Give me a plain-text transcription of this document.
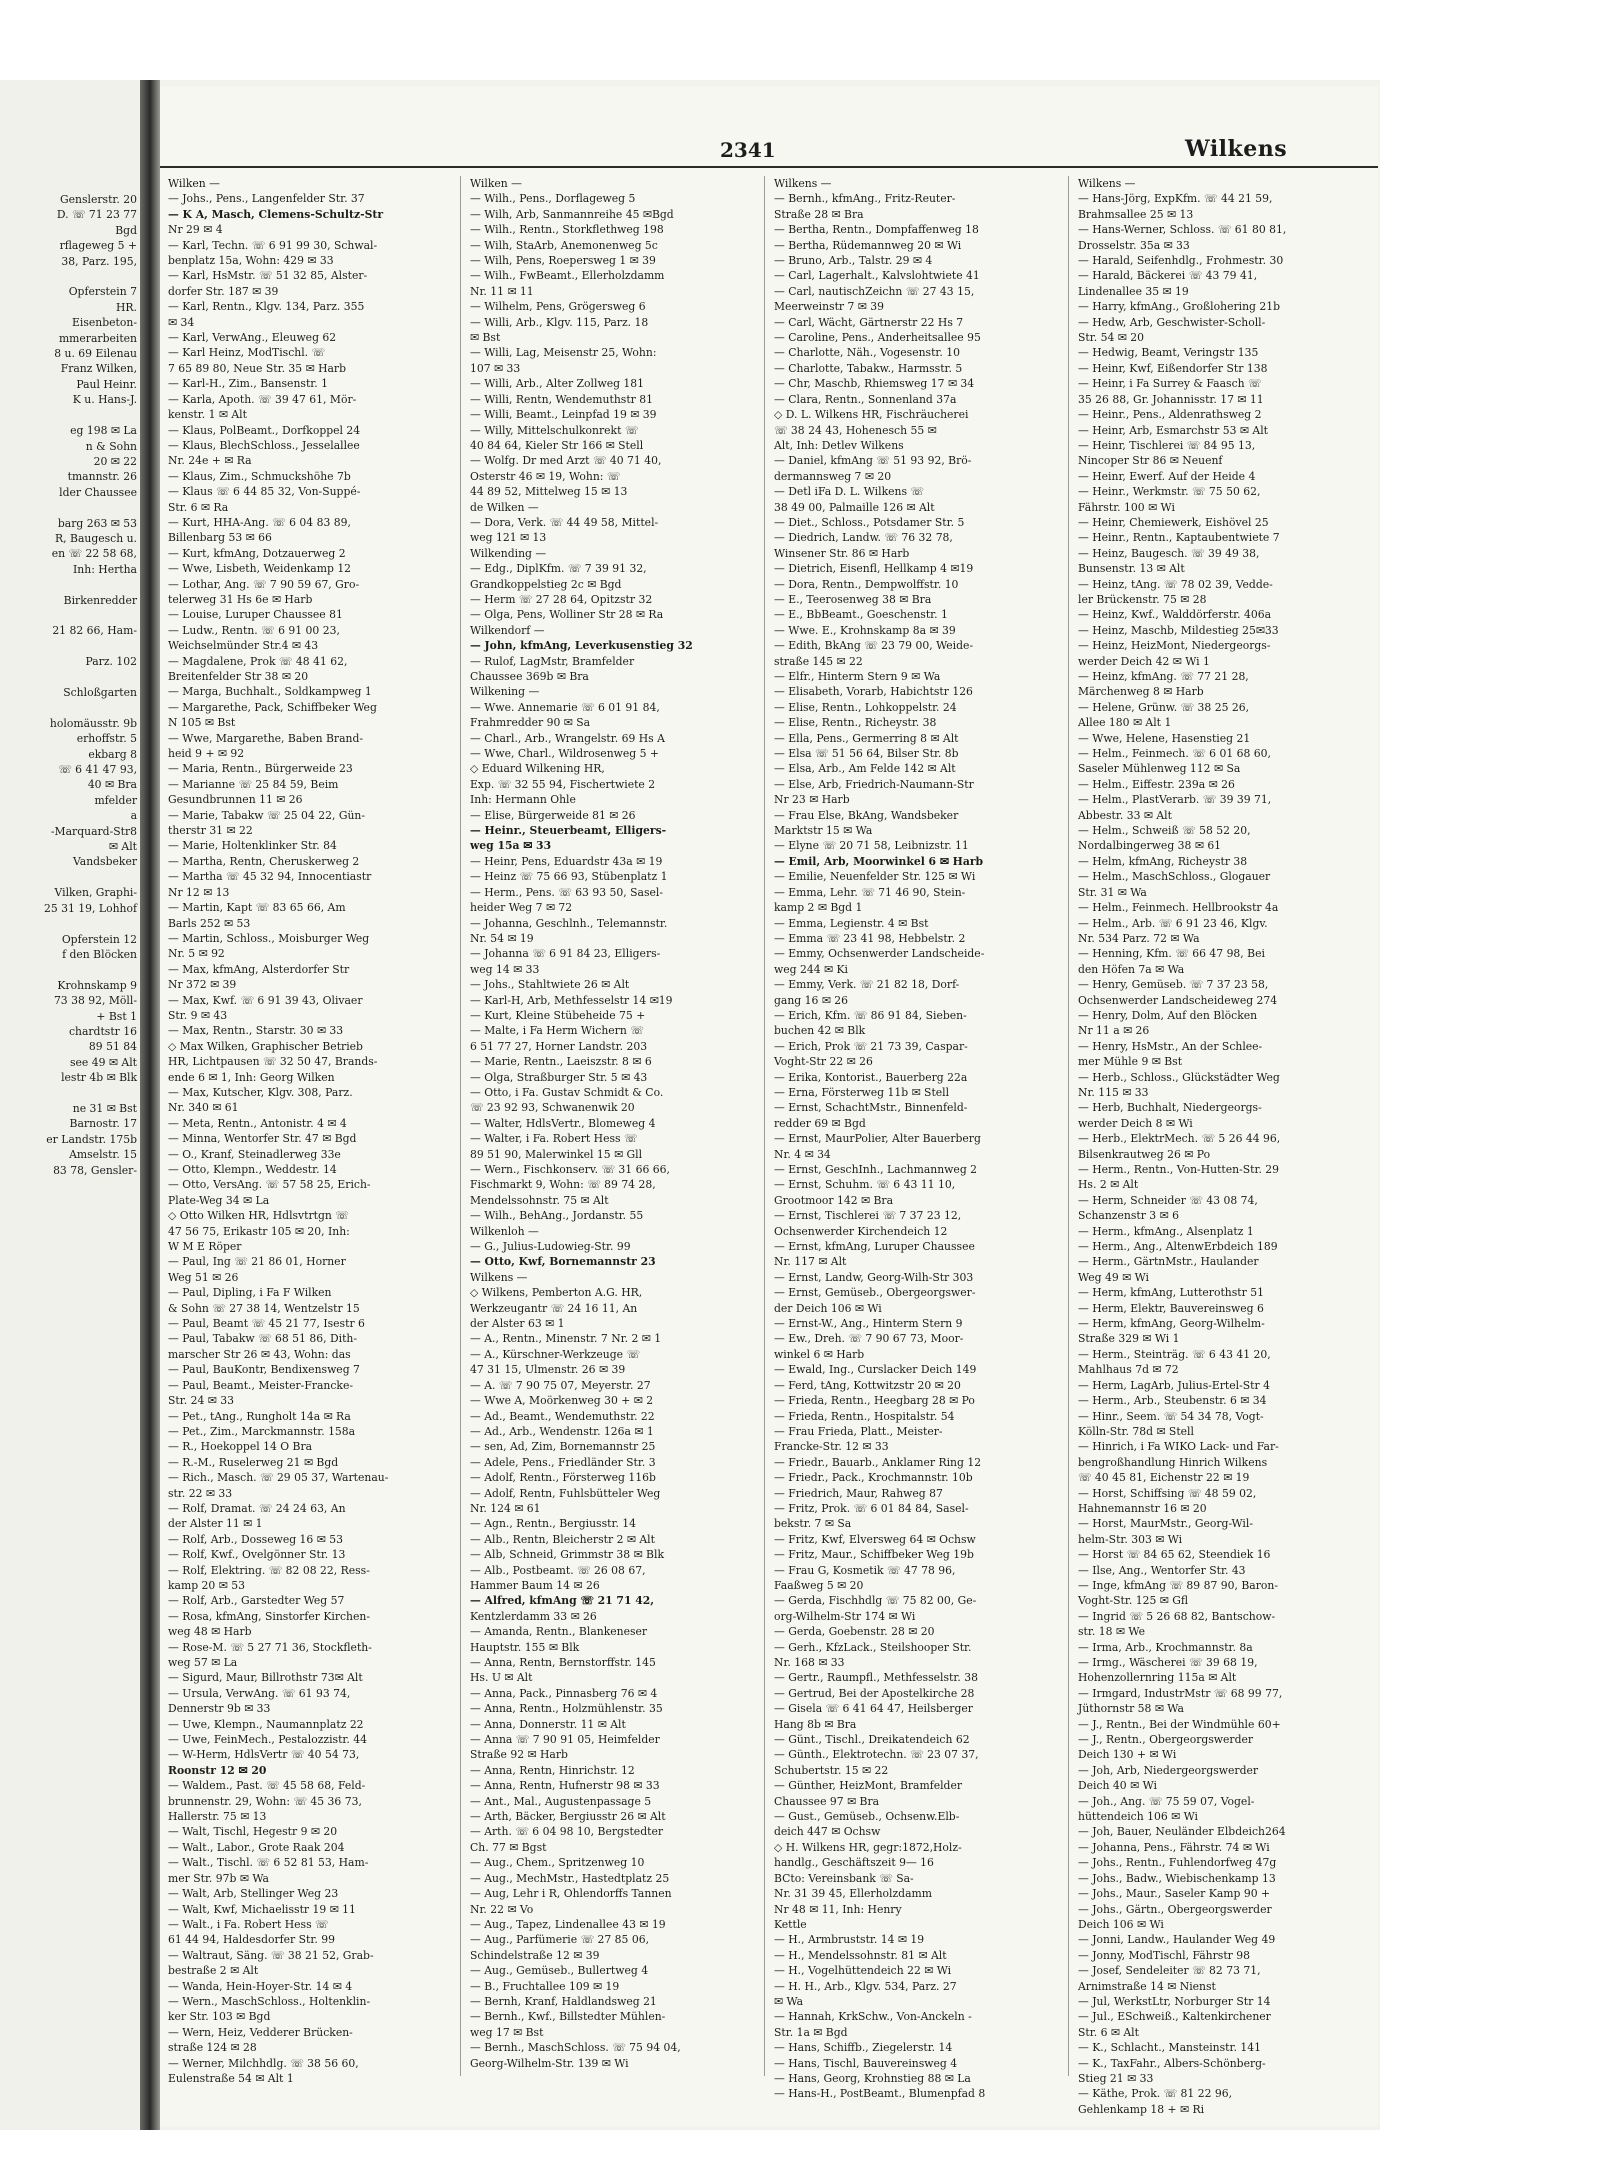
Genslerstr. 20
D. ☏ 71 23 77
Bgd
rflageweg 5 +
38, Parz. 195,

Opferstein 7
HR.
Eisenbeton-
mmerarbeiten
8 u. 69 Eilenau
Franz Wilken,
Paul Heinr.
K u. Hans-J.

eg 198 ✉ La
n & Sohn
20 ✉ 22
tmannstr. 26
lder Chaussee

barg 263 ✉ 53
R, Baugesch u.
en ☏ 22 58 68,
Inh: Hertha

Birkenredder

21 82 66, Ham-

Parz. 102

Schloßgarten

holomäusstr. 9b
erhoffstr. 5
ekbarg 8
☏ 6 41 47 93,
40 ✉ Bra
mfelder
a
-Marquard-Str8
✉ Alt
Vandsbeker

Vilken, Graphi-
25 31 19, Lohhof

Opferstein 12
f den Blöcken

Krohnskamp 9
73 38 92, Möll-
+ Bst 1
chardtstr 16
89 51 84
see 49 ✉ Alt
lestr 4b ✉ Blk

ne 31 ✉ Bst
Barnostr. 17
er Landstr. 175b
Amselstr. 15
83 78, Gensler-
2341	Wilkens
Wilken —
— Johs., Pens., Langenfelder Str. 37
— K A, Masch, Clemens-Schultz-Str
Nr 29 ✉ 4
— Karl, Techn. ☏ 6 91 99 30, Schwal-
benplatz 15a, Wohn: 429 ✉ 33
— Karl, HsMstr. ☏ 51 32 85, Alster-
dorfer Str. 187 ✉ 39
— Karl, Rentn., Klgv. 134, Parz. 355
✉ 34
— Karl, VerwAng., Eleuweg 62
— Karl Heinz, ModTischl. ☏
7 65 89 80, Neue Str. 35 ✉ Harb
— Karl-H., Zim., Bansenstr. 1
— Karla, Apoth. ☏ 39 47 61, Mör-
kenstr. 1 ✉ Alt
— Klaus, PolBeamt., Dorfkoppel 24
— Klaus, BlechSchloss., Jesselallee
Nr. 24e + ✉ Ra
— Klaus, Zim., Schmuckshöhe 7b
— Klaus ☏ 6 44 85 32, Von-Suppé-
Str. 6 ✉ Ra
— Kurt, HHA-Ang. ☏ 6 04 83 89,
Billenbarg 53 ✉ 66
— Kurt, kfmAng, Dotzauerweg 2
— Wwe, Lisbeth, Weidenkamp 12
— Lothar, Ang. ☏ 7 90 59 67, Gro-
telerweg 31 Hs 6e ✉ Harb
— Louise, Luruper Chaussee 81
— Ludw., Rentn. ☏ 6 91 00 23,
Weichselmünder Str.4 ✉ 43
— Magdalene, Prok ☏ 48 41 62,
Breitenfelder Str 38 ✉ 20
— Marga, Buchhalt., Soldkampweg 1
— Margarethe, Pack, Schiffbeker Weg
N 105 ✉ Bst
— Wwe, Margarethe, Baben Brand-
heid 9 + ✉ 92
— Maria, Rentn., Bürgerweide 23
— Marianne ☏ 25 84 59, Beim
Gesundbrunnen 11 ✉ 26
— Marie, Tabakw ☏ 25 04 22, Gün-
therstr 31 ✉ 22
— Marie, Holtenklinker Str. 84
— Martha, Rentn, Cheruskerweg 2
— Martha ☏ 45 32 94, Innocentiastr
Nr 12 ✉ 13
— Martin, Kapt ☏ 83 65 66, Am
Barls 252 ✉ 53
— Martin, Schloss., Moisburger Weg
Nr. 5 ✉ 92
— Max, kfmAng, Alsterdorfer Str
Nr 372 ✉ 39
— Max, Kwf. ☏ 6 91 39 43, Olivaer
Str. 9 ✉ 43
— Max, Rentn., Starstr. 30 ✉ 33
◇ Max Wilken, Graphischer Betrieb
HR, Lichtpausen ☏ 32 50 47, Brands-
ende 6 ✉ 1, Inh: Georg Wilken
— Max, Kutscher, Klgv. 308, Parz.
Nr. 340 ✉ 61
— Meta, Rentn., Antonistr. 4 ✉ 4
— Minna, Wentorfer Str. 47 ✉ Bgd
— O., Kranf, Steinadlerweg 33e
— Otto, Klempn., Weddestr. 14
— Otto, VersAng. ☏ 57 58 25, Erich-
Plate-Weg 34 ✉ La
◇ Otto Wilken HR, Hdlsvtrtgn ☏
47 56 75, Erikastr 105 ✉ 20, Inh:
W M E Röper
— Paul, Ing ☏ 21 86 01, Horner
Weg 51 ✉ 26
— Paul, Dipling, i Fa F Wilken
& Sohn ☏ 27 38 14, Wentzelstr 15
— Paul, Beamt ☏ 45 21 77, Isestr 6
— Paul, Tabakw ☏ 68 51 86, Dith-
marscher Str 26 ✉ 43, Wohn: das
— Paul, BauKontr, Bendixensweg 7
— Paul, Beamt., Meister-Francke-
Str. 24 ✉ 33
— Pet., tAng., Rungholt 14a ✉ Ra
— Pet., Zim., Marckmannstr. 158a
— R., Hoekoppel 14 O Bra
— R.-M., Ruselerweg 21 ✉ Bgd
— Rich., Masch. ☏ 29 05 37, Wartenau-
str. 22 ✉ 33
— Rolf, Dramat. ☏ 24 24 63, An
der Alster 11 ✉ 1
— Rolf, Arb., Dosseweg 16 ✉ 53
— Rolf, Kwf., Ovelgönner Str. 13
— Rolf, Elektring. ☏ 82 08 22, Ress-
kamp 20 ✉ 53
— Rolf, Arb., Garstedter Weg 57
— Rosa, kfmAng, Sinstorfer Kirchen-
weg 48 ✉ Harb
— Rose-M. ☏ 5 27 71 36, Stockfleth-
weg 57 ✉ La
— Sigurd, Maur, Billrothstr 73✉ Alt
— Ursula, VerwAng. ☏ 61 93 74,
Dennerstr 9b ✉ 33
— Uwe, Klempn., Naumannplatz 22
— Uwe, FeinMech., Pestalozzistr. 44
— W-Herm, HdlsVertr ☏ 40 54 73,
Roonstr 12 ✉ 20
— Waldem., Past. ☏ 45 58 68, Feld-
brunnenstr. 29, Wohn: ☏ 45 36 73,
Hallerstr. 75 ✉ 13
— Walt, Tischl, Hegestr 9 ✉ 20
— Walt., Labor., Grote Raak 204
— Walt., Tischl. ☏ 6 52 81 53, Ham-
mer Str. 97b ✉ Wa
— Walt, Arb, Stellinger Weg 23
— Walt, Kwf, Michaelisstr 19 ✉ 11
— Walt., i Fa. Robert Hess ☏
61 44 94, Haldesdorfer Str. 99
— Waltraut, Säng. ☏ 38 21 52, Grab-
bestraße 2 ✉ Alt
— Wanda, Hein-Hoyer-Str. 14 ✉ 4
— Wern., MaschSchloss., Holtenklin-
ker Str. 103 ✉ Bgd
— Wern, Heiz, Vedderer Brücken-
straße 124 ✉ 28
— Werner, Milchhdlg. ☏ 38 56 60,
Eulenstraße 54 ✉ Alt 1
Wilken —
— Wilh., Pens., Dorflageweg 5
— Wilh, Arb, Sanmannreihe 45 ✉Bgd
— Wilh., Rentn., Storkflethweg 198
— Wilh, StaArb, Anemonenweg 5c
— Wilh, Pens, Roepersweg 1 ✉ 39
— Wilh., FwBeamt., Ellerholzdamm
Nr. 11 ✉ 11
— Wilhelm, Pens, Grögersweg 6
— Willi, Arb., Klgv. 115, Parz. 18
✉ Bst
— Willi, Lag, Meisenstr 25, Wohn:
107 ✉ 33
— Willi, Arb., Alter Zollweg 181
— Willi, Rentn, Wendemuthstr 81
— Willi, Beamt., Leinpfad 19 ✉ 39
— Willy, Mittelschulkonrekt ☏
40 84 64, Kieler Str 166 ✉ Stell
— Wolfg. Dr med Arzt ☏ 40 71 40,
Osterstr 46 ✉ 19, Wohn: ☏
44 89 52, Mittelweg 15 ✉ 13
de Wilken —
— Dora, Verk. ☏ 44 49 58, Mittel-
weg 121 ✉ 13
Wilkending —
— Edg., DiplKfm. ☏ 7 39 91 32,
Grandkoppelstieg 2c ✉ Bgd
— Herm ☏ 27 28 64, Opitzstr 32
— Olga, Pens, Wolliner Str 28 ✉ Ra
Wilkendorf —
— John, kfmAng, Leverkusenstieg 32
— Rulof, LagMstr, Bramfelder
Chaussee 369b ✉ Bra
Wilkening —
— Wwe. Annemarie ☏ 6 01 91 84,
Frahmredder 90 ✉ Sa
— Charl., Arb., Wrangelstr. 69 Hs A
— Wwe, Charl., Wildrosenweg 5 +
◇ Eduard Wilkening HR,
Exp. ☏ 32 55 94, Fischertwiete 2
Inh: Hermann Ohle
— Elise, Bürgerweide 81 ✉ 26
— Heinr., Steuerbeamt, Elligers-
weg 15a ✉ 33
— Heinr, Pens, Eduardstr 43a ✉ 19
— Heinz ☏ 75 66 93, Stübenplatz 1
— Herm., Pens. ☏ 63 93 50, Sasel-
heider Weg 7 ✉ 72
— Johanna, Geschlnh., Telemannstr.
Nr. 54 ✉ 19
— Johanna ☏ 6 91 84 23, Elligers-
weg 14 ✉ 33
— Johs., Stahltwiete 26 ✉ Alt
— Karl-H, Arb, Methfesselstr 14 ✉19
— Kurt, Kleine Stübeheide 75 +
— Malte, i Fa Herm Wichern ☏
6 51 77 27, Horner Landstr. 203
— Marie, Rentn., Laeiszstr. 8 ✉ 6
— Olga, Straßburger Str. 5 ✉ 43
— Otto, i Fa. Gustav Schmidt & Co.
☏ 23 92 93, Schwanenwik 20
— Walter, HdlsVertr., Blomeweg 4
— Walter, i Fa. Robert Hess ☏
89 51 90, Malerwinkel 15 ✉ Gll
— Wern., Fischkonserv. ☏ 31 66 66,
Fischmarkt 9, Wohn: ☏ 89 74 28,
Mendelssohnstr. 75 ✉ Alt
— Wilh., BehAng., Jordanstr. 55
Wilkenloh —
— G., Julius-Ludowieg-Str. 99
— Otto, Kwf, Bornemannstr 23
Wilkens —
◇ Wilkens, Pemberton A.G. HR,
Werkzeugantr ☏ 24 16 11, An
der Alster 63 ✉ 1
— A., Rentn., Minenstr. 7 Nr. 2 ✉ 1
— A., Kürschner-Werkzeuge ☏
47 31 15, Ulmenstr. 26 ✉ 39
— A. ☏ 7 90 75 07, Meyerstr. 27
— Wwe A, Moörkenweg 30 + ✉ 2
— Ad., Beamt., Wendemuthstr. 22
— Ad., Arb., Wendenstr. 126a ✉ 1
— sen, Ad, Zim, Bornemannstr 25
— Adele, Pens., Friedländer Str. 3
— Adolf, Rentn., Försterweg 116b
— Adolf, Rentn, Fuhlsbütteler Weg
Nr. 124 ✉ 61
— Agn., Rentn., Bergiusstr. 14
— Alb., Rentn, Bleicherstr 2 ✉ Alt
— Alb, Schneid, Grimmstr 38 ✉ Blk
— Alb., Postbeamt. ☏ 26 08 67,
Hammer Baum 14 ✉ 26
— Alfred, kfmAng ☏ 21 71 42,
Kentzlerdamm 33 ✉ 26
— Amanda, Rentn., Blankeneser
Hauptstr. 155 ✉ Blk
— Anna, Rentn, Bernstorffstr. 145
Hs. U ✉ Alt
— Anna, Pack., Pinnasberg 76 ✉ 4
— Anna, Rentn., Holzmühlenstr. 35
— Anna, Donnerstr. 11 ✉ Alt
— Anna ☏ 7 90 91 05, Heimfelder
Straße 92 ✉ Harb
— Anna, Rentn, Hinrichstr. 12
— Anna, Rentn, Hufnerstr 98 ✉ 33
— Ant., Mal., Augustenpassage 5
— Arth, Bäcker, Bergiusstr 26 ✉ Alt
— Arth. ☏ 6 04 98 10, Bergstedter
Ch. 77 ✉ Bgst
— Aug., Chem., Spritzenweg 10
— Aug., MechMstr., Hastedtplatz 25
— Aug, Lehr i R, Ohlendorffs Tannen
Nr. 22 ✉ Vo
— Aug., Tapez, Lindenallee 43 ✉ 19
— Aug., Parfümerie ☏ 27 85 06,
Schindelstraße 12 ✉ 39
— Aug., Gemüseb., Bullertweg 4
— B., Fruchtallee 109 ✉ 19
— Bernh, Kranf, Haldlandsweg 21
— Bernh., Kwf., Billstedter Mühlen-
weg 17 ✉ Bst
— Bernh., MaschSchloss. ☏ 75 94 04,
Georg-Wilhelm-Str. 139 ✉ Wi
Wilkens —
— Bernh., kfmAng., Fritz-Reuter-
Straße 28 ✉ Bra
— Bertha, Rentn., Dompfaffenweg 18
— Bertha, Rüdemannweg 20 ✉ Wi
— Bruno, Arb., Talstr. 29 ✉ 4
— Carl, Lagerhalt., Kalvslohtwiete 41
— Carl, nautischZeichn ☏ 27 43 15,
Meerweinstr 7 ✉ 39
— Carl, Wächt, Gärtnerstr 22 Hs 7
— Caroline, Pens., Anderheitsallee 95
— Charlotte, Näh., Vogesenstr. 10
— Charlotte, Tabakw., Harmsstr. 5
— Chr, Maschb, Rhiemsweg 17 ✉ 34
— Clara, Rentn., Sonnenland 37a
◇ D. L. Wilkens HR, Fischräucherei
☏ 38 24 43, Hohenesch 55 ✉
Alt, Inh: Detlev Wilkens
— Daniel, kfmAng ☏ 51 93 92, Brö-
dermannsweg 7 ✉ 20
— Detl iFa D. L. Wilkens ☏
38 49 00, Palmaille 126 ✉ Alt
— Diet., Schloss., Potsdamer Str. 5
— Diedrich, Landw. ☏ 76 32 78,
Winsener Str. 86 ✉ Harb
— Dietrich, Eisenfl, Hellkamp 4 ✉19
— Dora, Rentn., Dempwolffstr. 10
— E., Teerosenweg 38 ✉ Bra
— E., BbBeamt., Goeschenstr. 1
— Wwe. E., Krohnskamp 8a ✉ 39
— Edith, BkAng ☏ 23 79 00, Weide-
straße 145 ✉ 22
— Elfr., Hinterm Stern 9 ✉ Wa
— Elisabeth, Vorarb, Habichtstr 126
— Elise, Rentn., Lohkoppelstr. 24
— Elise, Rentn., Richeystr. 38
— Ella, Pens., Germerring 8 ✉ Alt
— Elsa ☏ 51 56 64, Bilser Str. 8b
— Elsa, Arb., Am Felde 142 ✉ Alt
— Else, Arb, Friedrich-Naumann-Str
Nr 23 ✉ Harb
— Frau Else, BkAng, Wandsbeker
Marktstr 15 ✉ Wa
— Elyne ☏ 20 71 58, Leibnizstr. 11
— Emil, Arb, Moorwinkel 6 ✉ Harb
— Emilie, Neuenfelder Str. 125 ✉ Wi
— Emma, Lehr. ☏ 71 46 90, Stein-
kamp 2 ✉ Bgd 1
— Emma, Legienstr. 4 ✉ Bst
— Emma ☏ 23 41 98, Hebbelstr. 2
— Emmy, Ochsenwerder Landscheide-
weg 244 ✉ Ki
— Emmy, Verk. ☏ 21 82 18, Dorf-
gang 16 ✉ 26
— Erich, Kfm. ☏ 86 91 84, Sieben-
buchen 42 ✉ Blk
— Erich, Prok ☏ 21 73 39, Caspar-
Voght-Str 22 ✉ 26
— Erika, Kontorist., Bauerberg 22a
— Erna, Försterweg 11b ✉ Stell
— Ernst, SchachtMstr., Binnenfeld-
redder 69 ✉ Bgd
— Ernst, MaurPolier, Alter Bauerberg
Nr. 4 ✉ 34
— Ernst, GeschInh., Lachmannweg 2
— Ernst, Schuhm. ☏ 6 43 11 10,
Grootmoor 142 ✉ Bra
— Ernst, Tischlerei ☏ 7 37 23 12,
Ochsenwerder Kirchendeich 12
— Ernst, kfmAng, Luruper Chaussee
Nr. 117 ✉ Alt
— Ernst, Landw, Georg-Wilh-Str 303
— Ernst, Gemüseb., Obergeorgswer-
der Deich 106 ✉ Wi
— Ernst-W., Ang., Hinterm Stern 9
— Ew., Dreh. ☏ 7 90 67 73, Moor-
winkel 6 ✉ Harb
— Ewald, Ing., Curslacker Deich 149
— Ferd, tAng, Kottwitzstr 20 ✉ 20
— Frieda, Rentn., Heegbarg 28 ✉ Po
— Frieda, Rentn., Hospitalstr. 54
— Frau Frieda, Platt., Meister-
Francke-Str. 12 ✉ 33
— Friedr., Bauarb., Anklamer Ring 12
— Friedr., Pack., Krochmannstr. 10b
— Friedrich, Maur, Rahweg 87
— Fritz, Prok. ☏ 6 01 84 84, Sasel-
bekstr. 7 ✉ Sa
— Fritz, Kwf, Elversweg 64 ✉ Ochsw
— Fritz, Maur., Schiffbeker Weg 19b
— Frau G, Kosmetik ☏ 47 78 96,
Faaßweg 5 ✉ 20
— Gerda, Fischhdlg ☏ 75 82 00, Ge-
org-Wilhelm-Str 174 ✉ Wi
— Gerda, Goebenstr. 28 ✉ 20
— Gerh., KfzLack., Steilshooper Str.
Nr. 168 ✉ 33
— Gertr., Raumpfl., Methfesselstr. 38
— Gertrud, Bei der Apostelkirche 28
— Gisela ☏ 6 41 64 47, Heilsberger
Hang 8b ✉ Bra
— Günt., Tischl., Dreikatendeich 62
— Günth., Elektrotechn. ☏ 23 07 37,
Schubertstr. 15 ✉ 22
— Günther, HeizMont, Bramfelder
Chaussee 97 ✉ Bra
— Gust., Gemüseb., Ochsenw.Elb-
deich 447 ✉ Ochsw
◇ H. Wilkens HR, gegr:1872,Holz-
handlg., Geschäftszeit 9— 16
BCto: Vereinsbank ☏ Sa-
Nr. 31 39 45, Ellerholzdamm
Nr 48 ✉ 11, Inh: Henry
Kettle
— H., Armbruststr. 14 ✉ 19
— H., Mendelssohnstr. 81 ✉ Alt
— H., Vogelhüttendeich 22 ✉ Wi
— H. H., Arb., Klgv. 534, Parz. 27
✉ Wa
— Hannah, KrkSchw., Von-Anckeln -
Str. 1a ✉ Bgd
— Hans, Schiffb., Ziegelerstr. 14
— Hans, Tischl, Bauvereinsweg 4
— Hans, Georg, Krohnstieg 88 ✉ La
— Hans-H., PostBeamt., Blumenpfad 8
Wilkens —
— Hans-Jörg, ExpKfm. ☏ 44 21 59,
Brahmsallee 25 ✉ 13
— Hans-Werner, Schloss. ☏ 61 80 81,
Drosselstr. 35a ✉ 33
— Harald, Seifenhdlg., Frohmestr. 30
— Harald, Bäckerei ☏ 43 79 41,
Lindenallee 35 ✉ 19
— Harry, kfmAng., Großlohering 21b
— Hedw, Arb, Geschwister-Scholl-
Str. 54 ✉ 20
— Hedwig, Beamt, Veringstr 135
— Heinr, Kwf, Eißendorfer Str 138
— Heinr, i Fa Surrey & Faasch ☏
35 26 88, Gr. Johannisstr. 17 ✉ 11
— Heinr., Pens., Aldenrathsweg 2
— Heinr, Arb, Esmarchstr 53 ✉ Alt
— Heinr, Tischlerei ☏ 84 95 13,
Nincoper Str 86 ✉ Neuenf
— Heinr, Ewerf. Auf der Heide 4
— Heinr., Werkmstr. ☏ 75 50 62,
Fährstr. 100 ✉ Wi
— Heinr, Chemiewerk, Eishövel 25
— Heinr., Rentn., Kaptaubentwiete 7
— Heinz, Baugesch. ☏ 39 49 38,
Bunsenstr. 13 ✉ Alt
— Heinz, tAng. ☏ 78 02 39, Vedde-
ler Brückenstr. 75 ✉ 28
— Heinz, Kwf., Walddörferstr. 406a
— Heinz, Maschb, Mildestieg 25✉33
— Heinz, HeizMont, Niedergeorgs-
werder Deich 42 ✉ Wi 1
— Heinz, kfmAng. ☏ 77 21 28,
Märchenweg 8 ✉ Harb
— Helene, Grünw. ☏ 38 25 26,
Allee 180 ✉ Alt 1
— Wwe, Helene, Hasenstieg 21
— Helm., Feinmech. ☏ 6 01 68 60,
Saseler Mühlenweg 112 ✉ Sa
— Helm., Eiffestr. 239a ✉ 26
— Helm., PlastVerarb. ☏ 39 39 71,
Abbestr. 33 ✉ Alt
— Helm., Schweiß ☏ 58 52 20,
Nordalbingerweg 38 ✉ 61
— Helm, kfmAng, Richeystr 38
— Helm., MaschSchloss., Glogauer
Str. 31 ✉ Wa
— Helm., Feinmech. Hellbrookstr 4a
— Helm., Arb. ☏ 6 91 23 46, Klgv.
Nr. 534 Parz. 72 ✉ Wa
— Henning, Kfm. ☏ 66 47 98, Bei
den Höfen 7a ✉ Wa
— Henry, Gemüseb. ☏ 7 37 23 58,
Ochsenwerder Landscheideweg 274
— Henry, Dolm, Auf den Blöcken
Nr 11 a ✉ 26
— Henry, HsMstr., An der Schlee-
mer Mühle 9 ✉ Bst
— Herb., Schloss., Glückstädter Weg
Nr. 115 ✉ 33
— Herb, Buchhalt, Niedergeorgs-
werder Deich 8 ✉ Wi
— Herb., ElektrMech. ☏ 5 26 44 96,
Bilsenkrautweg 26 ✉ Po
— Herm., Rentn., Von-Hutten-Str. 29
Hs. 2 ✉ Alt
— Herm, Schneider ☏ 43 08 74,
Schanzenstr 3 ✉ 6
— Herm., kfmAng., Alsenplatz 1
— Herm., Ang., AltenwErbdeich 189
— Herm., GärtnMstr., Haulander
Weg 49 ✉ Wi
— Herm, kfmAng, Lutterothstr 51
— Herm, Elektr, Bauvereinsweg 6
— Herm, kfmAng, Georg-Wilhelm-
Straße 329 ✉ Wi 1
— Herm., Steinträg. ☏ 6 43 41 20,
Mahlhaus 7d ✉ 72
— Herm, LagArb, Julius-Ertel-Str 4
— Herm., Arb., Steubenstr. 6 ✉ 34
— Hinr., Seem. ☏ 54 34 78, Vogt-
Kölln-Str. 78d ✉ Stell
— Hinrich, i Fa WIKO Lack- und Far-
bengroßhandlung Hinrich Wilkens
☏ 40 45 81, Eichenstr 22 ✉ 19
— Horst, Schiffsing ☏ 48 59 02,
Hahnemannstr 16 ✉ 20
— Horst, MaurMstr., Georg-Wil-
helm-Str. 303 ✉ Wi
— Horst ☏ 84 65 62, Steendiek 16
— Ilse, Ang., Wentorfer Str. 43
— Inge, kfmAng ☏ 89 87 90, Baron-
Voght-Str. 125 ✉ Gfl
— Ingrid ☏ 5 26 68 82, Bantschow-
str. 18 ✉ We
— Irma, Arb., Krochmannstr. 8a
— Irmg., Wäscherei ☏ 39 68 19,
Hohenzollernring 115a ✉ Alt
— Irmgard, IndustrMstr ☏ 68 99 77,
Jüthornstr 58 ✉ Wa
— J., Rentn., Bei der Windmühle 60+
— J., Rentn., Obergeorgswerder
Deich 130 + ✉ Wi
— Joh, Arb, Niedergeorgswerder
Deich 40 ✉ Wi
— Joh., Ang. ☏ 75 59 07, Vogel-
hüttendeich 106 ✉ Wi
— Joh, Bauer, Neuländer Elbdeich264
— Johanna, Pens., Fährstr. 74 ✉ Wi
— Johs., Rentn., Fuhlendorfweg 47g
— Johs., Badw., Wiebischenkamp 13
— Johs., Maur., Saseler Kamp 90 +
— Johs., Gärtn., Obergeorgswerder
Deich 106 ✉ Wi
— Jonni, Landw., Haulander Weg 49
— Jonny, ModTischl, Fährstr 98
— Josef, Sendeleiter ☏ 82 73 71,
Arnimstraße 14 ✉ Nienst
— Jul, WerkstLtr, Norburger Str 14
— Jul., ESchweiß., Kaltenkirchener
Str. 6 ✉ Alt
— K., Schlacht., Mansteinstr. 141
— K., TaxFahr., Albers-Schönberg-
Stieg 21 ✉ 33
— Käthe, Prok. ☏ 81 22 96,
Gehlenkamp 18 + ✉ Ri
